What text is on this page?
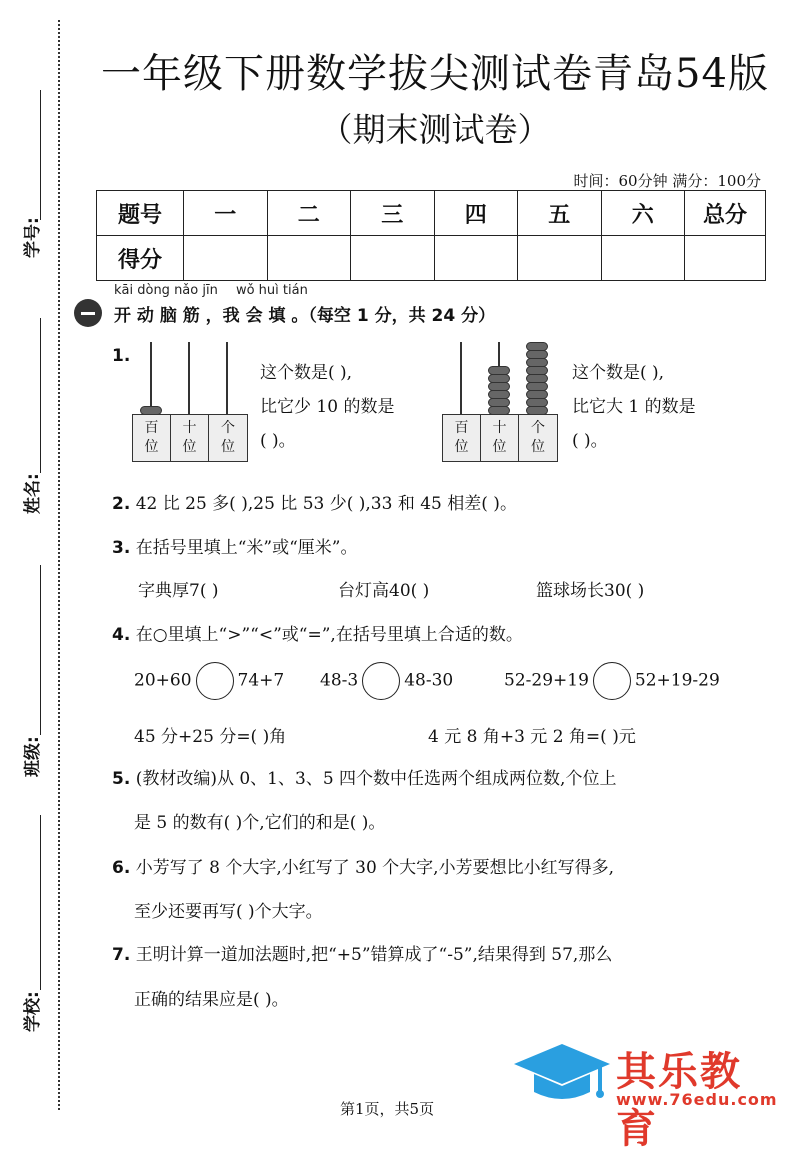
学号:
姓名:
班级:
学校:
一年级下册数学拔尖测试卷青岛54版
（期末测试卷）
时间：60分钟 满分：100分
题号	一	二	三	四	五	六	总分
得分							
kāi dòng nǎo jīn wǒ huì tián
开 动 脑 筋 ，我 会 填 。（每空 1 分，共 24 分）
1.
百
位
十
位
个
位
这个数是( ),
比它少 10 的数是
( )。
百
位
十
位
个
位
这个数是( ),
比它大 1 的数是
( )。
2. 42 比 25 多( ),25 比 53 少( ),33 和 45 相差( )。
3. 在括号里填上“米”或“厘米”。
字典厚7( )	台灯高40( )	篮球场长30( )
4. 在○里填上“>”“<”或“=”,在括号里填上合适的数。
20+60	74+7 48-3	48-30	52-29+19	52+19-29
45 分+25 分=( )角	4 元 8 角+3 元 2 角=( )元
5. (教材改编)从 0、1、3、5 四个数中任选两个组成两位数,个位上
是 5 的数有( )个,它们的和是( )。
6. 小芳写了 8 个大字,小红写了 30 个大字,小芳要想比小红写得多,
至少还要再写( )个大字。
7. 王明计算一道加法题时,把“+5”错算成了“-5”,结果得到 57,那么
正确的结果应是( )。
其乐教育
www.76edu.com
第1页，共5页
